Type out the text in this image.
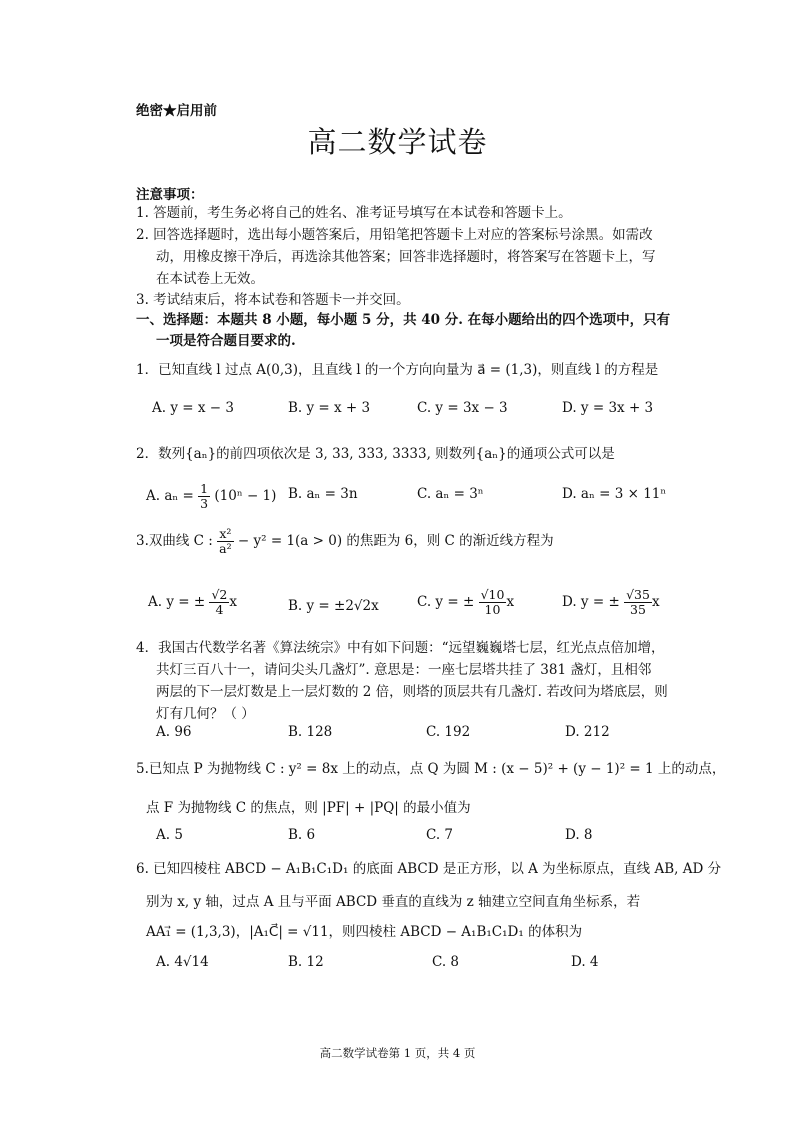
绝密★启用前
高二数学试卷
注意事项：
1. 答题前，考生务必将自己的姓名、准考证号填写在本试卷和答题卡上。
2. 回答选择题时，选出每小题答案后，用铅笔把答题卡上对应的答案标号涂黑。如需改
动，用橡皮擦干净后，再选涂其他答案；回答非选择题时，将答案写在答题卡上，写
在本试卷上无效。
3. 考试结束后，将本试卷和答题卡一并交回。
一、选择题：本题共 8 小题，每小题 5 分，共 40 分. 在每小题给出的四个选项中，只有
一项是符合题目要求的.
1．已知直线 l 过点 A(0,3)，且直线 l 的一个方向向量为 a⃗ = (1,3)，则直线 l 的方程是
A. y = x − 3	B. y = x + 3	C. y = 3x − 3	D. y = 3x + 3
2．数列{aₙ}的前四项依次是 3, 33, 333, 3333, 则数列{aₙ}的通项公式可以是
A. $a_n = \frac{1}{3} (10^n - 1)$ B. aₙ = 3n	C. aₙ = 3ⁿ	D. aₙ = 3 × 11ⁿ
3.双曲线 C : $\frac{\text{x²}}{\text{a²}} - y^2 = 1(a > 0)$ 的焦距为 6，则 C 的渐近线方程为
A. y = ± $\frac{√2}{4}$ x	B. y = ±2√2x	C. y = ± $\frac{√10}{10}$ x	D. y = ± $\frac{√35}{35}$ x
4．我国古代数学名著《算法统宗》中有如下问题：“远望巍巍塔七层，红光点点倍加增，
共灯三百八十一，请问尖头几盏灯”. 意思是：一座七层塔共挂了 381 盏灯，且相邻
两层的下一层灯数是上一层灯数的 2 倍，则塔的顶层共有几盏灯. 若改问为塔底层，则
灯有几何？（ ）
A. 96	B. 128	C. 192	D. 212
5.已知点 P 为抛物线 C : y² = 8x 上的动点，点 Q 为圆 M : (x − 5)² + (y − 1)² = 1 上的动点，
点 F 为抛物线 C 的焦点，则 |PF| + |PQ| 的最小值为
A. 5	B. 6	C. 7	D. 8
6. 已知四棱柱 ABCD − A₁B₁C₁D₁ 的底面 ABCD 是正方形，以 A 为坐标原点，直线 AB, AD 分
别为 x, y 轴，过点 A 且与平面 ABCD 垂直的直线为 z 轴建立空间直角坐标系，若
AA₁⃗ = (1,3,3)，|A₁C⃗| = √11，则四棱柱 ABCD − A₁B₁C₁D₁ 的体积为
A. 4√14	B. 12	C. 8	D. 4
高二数学试卷第 1 页，共 4 页
